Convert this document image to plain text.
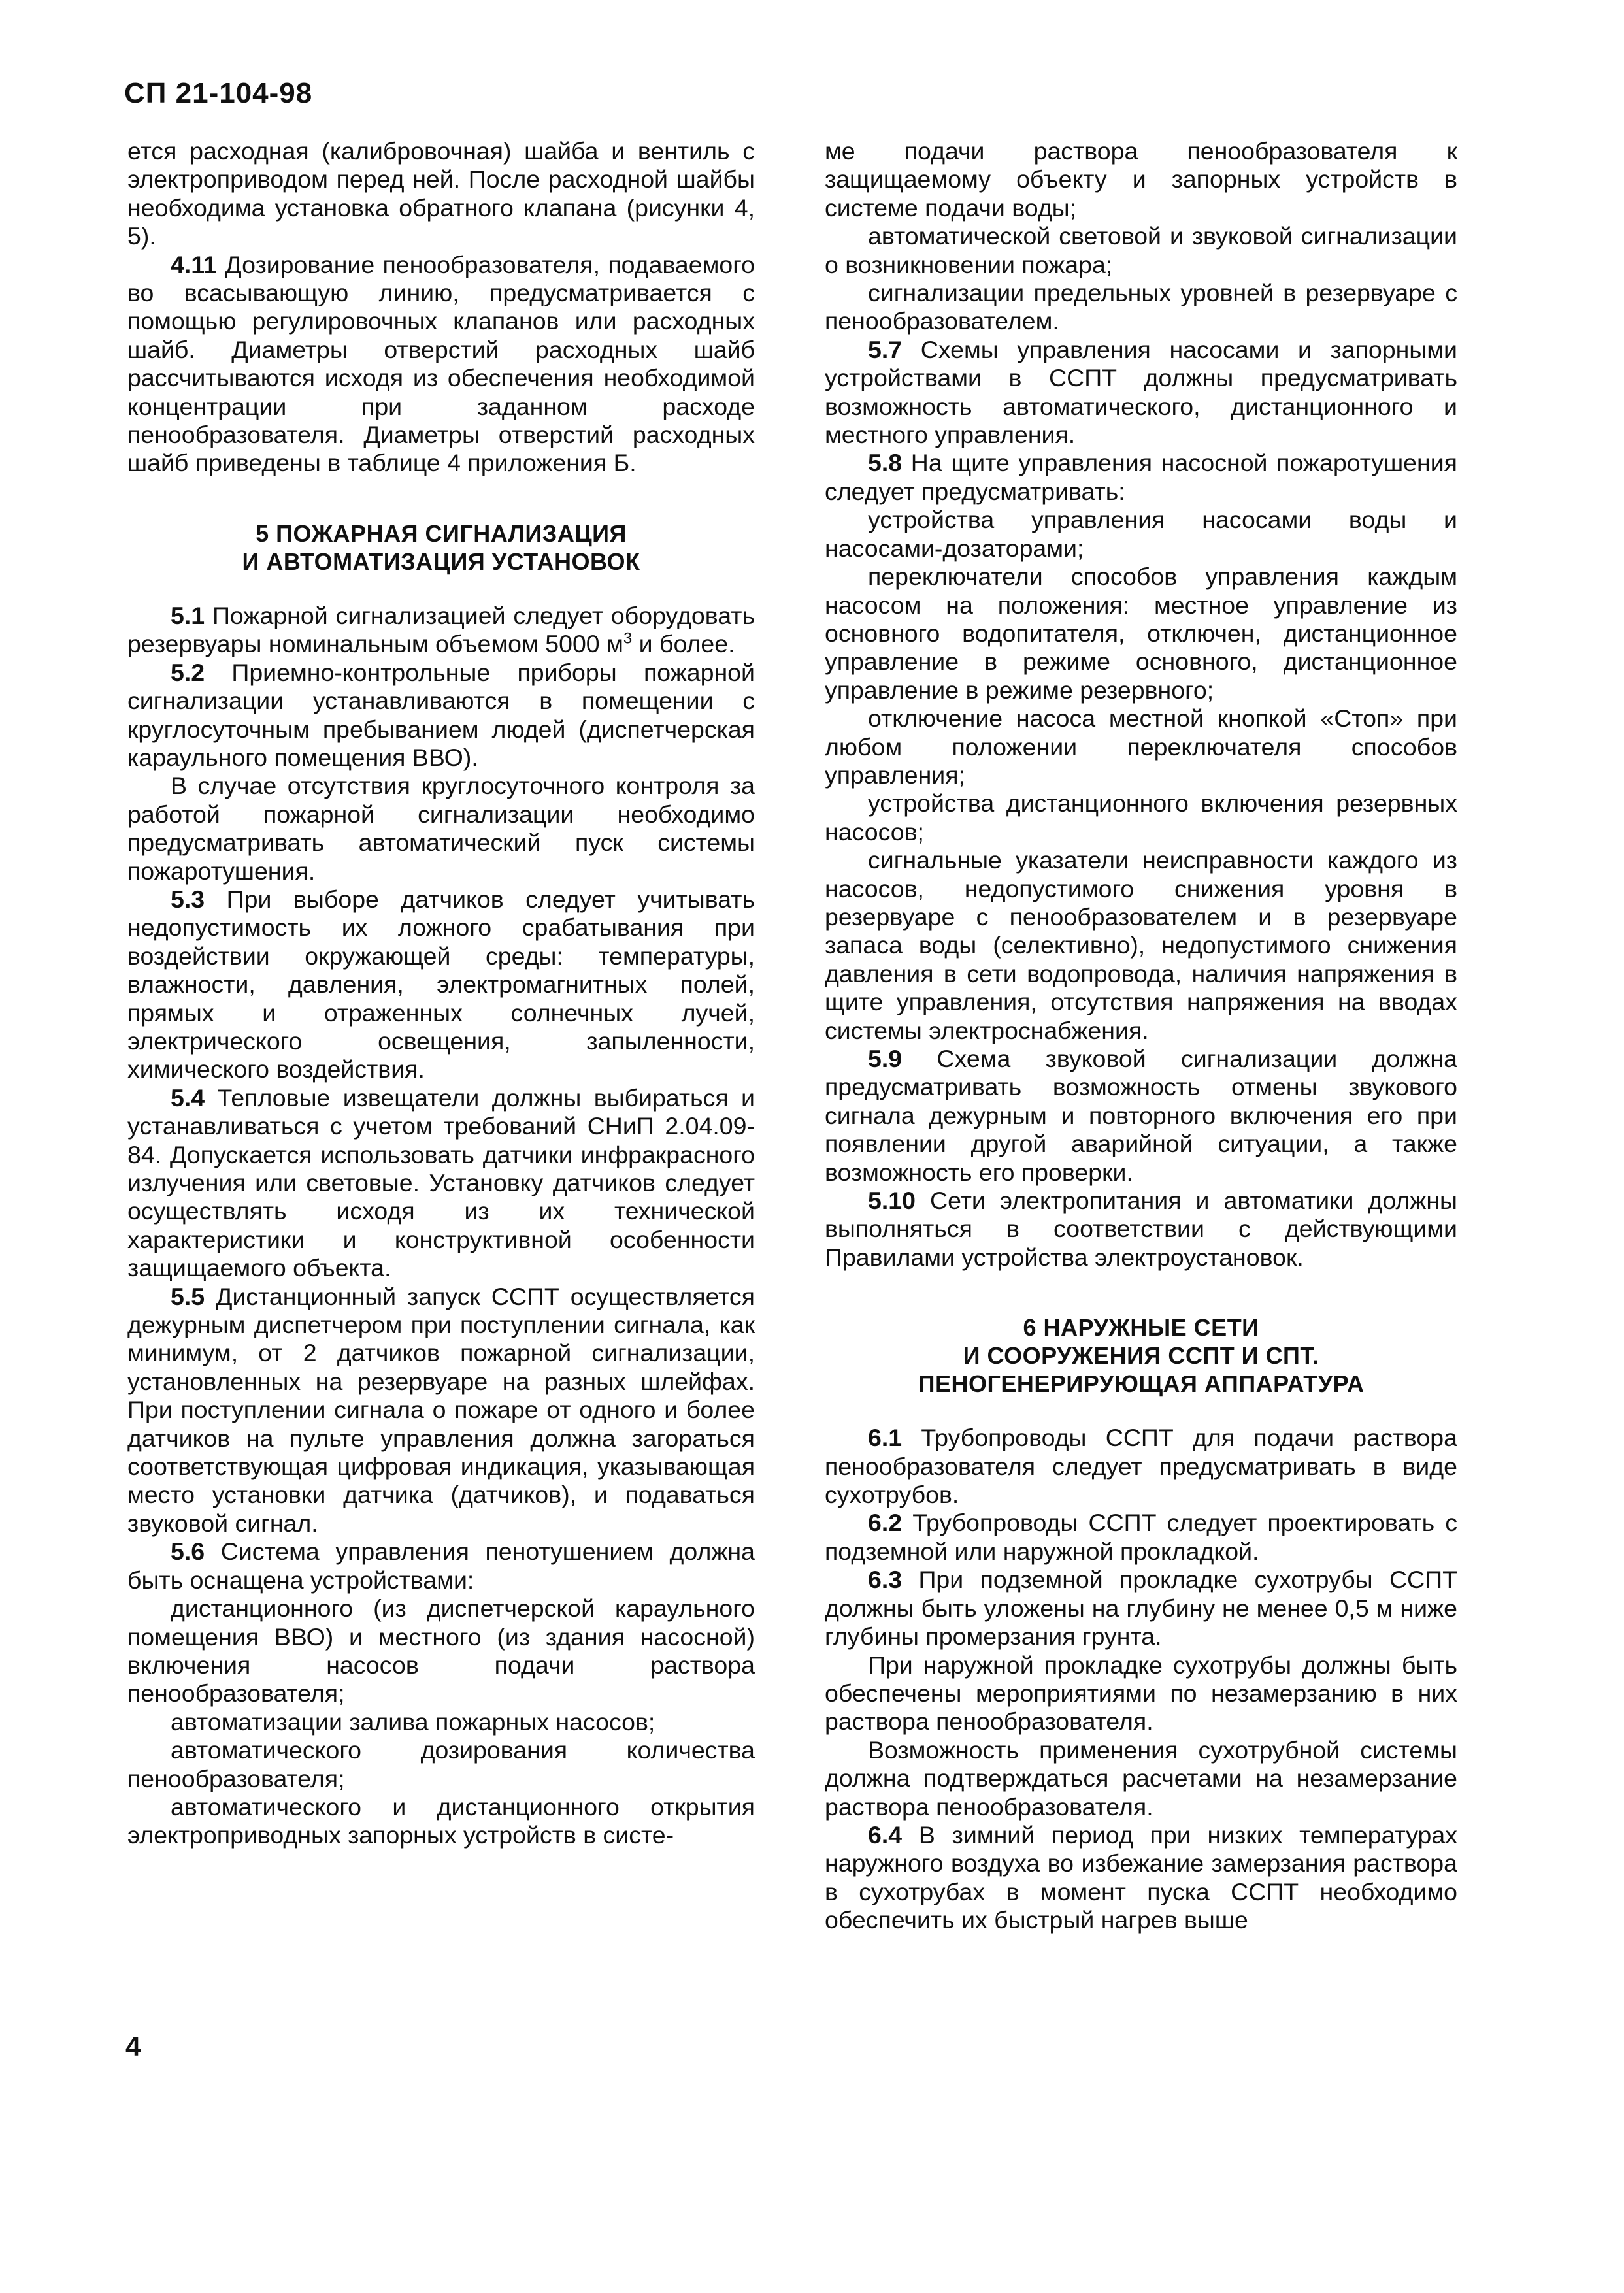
СП 21-104-98

ется расходная (калибровочная) шайба и вентиль с электроприводом перед ней. После расходной шайбы необходима установка обратного клапана (рисунки 4, 5).

4.11 Дозирование пенообразователя, подаваемого во всасывающую линию, предусматривается с помощью регулировочных клапанов или расходных шайб. Диаметры отверстий расходных шайб рассчитываются исходя из обеспечения необходимой концентрации при заданном расходе пенообразователя. Диаметры отверстий расходных шайб приведены в таблице 4 приложения Б.

5 ПОЖАРНАЯ СИГНАЛИЗАЦИЯ

И АВТОМАТИЗАЦИЯ УСТАНОВОК

5.1 Пожарной сигнализацией следует оборудовать резервуары номинальным объемом 5000 $м^3$ и более.

5.2 Приемно-контрольные приборы пожарной сигнализации устанавливаются в помещении с круглосуточным пребыванием людей (диспетчерская караульного помещения ВВО).

В случае отсутствия круглосуточного контроля за работой пожарной сигнализации необходимо предусматривать автоматический пуск системы пожаротушения.

5.3 При выборе датчиков следует учитывать недопустимость их ложного срабатывания при воздействии окружающей среды: температуры, влажности, давления, электромагнитных полей, прямых и отраженных солнечных лучей, электрического освещения, запыленности, химического воздействия.

5.4 Тепловые извещатели должны выбираться и устанавливаться с учетом требований СНиП 2.04.09-84. Допускается использовать датчики инфракрасного излучения или световые. Установку датчиков следует осуществлять исходя из их технической характеристики и конструктивной особенности защищаемого объекта.

5.5 Дистанционный запуск ССПТ осуществляется дежурным диспетчером при поступлении сигнала, как минимум, от 2 датчиков пожарной сигнализации, установленных на резервуаре на разных шлейфах. При поступлении сигнала о пожаре от одного и более датчиков на пульте управления должна загораться соответствующая цифровая индикация, указывающая место установки датчика (датчиков), и подаваться звуковой сигнал.

5.6 Система управления пенотушением должна быть оснащена устройствами:

дистанционного (из диспетчерской караульного помещения ВВО) и местного (из здания насосной) включения насосов подачи раствора пенообразователя;

автоматизации залива пожарных насосов;

автоматического дозирования количества пенообразователя;

автоматического и дистанционного открытия электроприводных запорных устройств в систе-

ме подачи раствора пенообразователя к защищаемому объекту и запорных устройств в системе подачи воды;

автоматической световой и звуковой сигнализации о возникновении пожара;

сигнализации предельных уровней в резервуаре с пенообразователем.

5.7 Схемы управления насосами и запорными устройствами в ССПТ должны предусматривать возможность автоматического, дистанционного и местного управления.

5.8 На щите управления насосной пожаротушения следует предусматривать:

устройства управления насосами воды и насосами-дозаторами;

переключатели способов управления каждым насосом на положения: местное управление из основного водопитателя, отключен, дистанционное управление в режиме основного, дистанционное управление в режиме резервного;

отключение насоса местной кнопкой «Стоп» при любом положении переключателя способов управления;

устройства дистанционного включения резервных насосов;

сигнальные указатели неисправности каждого из насосов, недопустимого снижения уровня в резервуаре с пенообразователем и в резервуаре запаса воды (селективно), недопустимого снижения давления в сети водопровода, наличия напряжения в щите управления, отсутствия напряжения на вводах системы электроснабжения.

5.9 Схема звуковой сигнализации должна предусматривать возможность отмены звукового сигнала дежурным и повторного включения его при появлении другой аварийной ситуации, а также возможность его проверки.

5.10 Сети электропитания и автоматики должны выполняться в соответствии с действующими Правилами устройства электроустановок.

6 НАРУЖНЫЕ СЕТИ

И СООРУЖЕНИЯ ССПТ И СПТ.

ПЕНОГЕНЕРИРУЮЩАЯ АППАРАТУРА

6.1 Трубопроводы ССПТ для подачи раствора пенообразователя следует предусматривать в виде сухотрубов.

6.2 Трубопроводы ССПТ следует проектировать с подземной или наружной прокладкой.

6.3 При подземной прокладке сухотрубы ССПТ должны быть уложены на глубину не менее 0,5 м ниже глубины промерзания грунта.

При наружной прокладке сухотрубы должны быть обеспечены мероприятиями по незамерзанию в них раствора пенообразователя.

Возможность применения сухотрубной системы должна подтверждаться расчетами на незамерзание раствора пенообразователя.

6.4 В зимний период при низких температурах наружного воздуха во избежание замерзания раствора в сухотрубах в момент пуска ССПТ необходимо обеспечить их быстрый нагрев выше

4
